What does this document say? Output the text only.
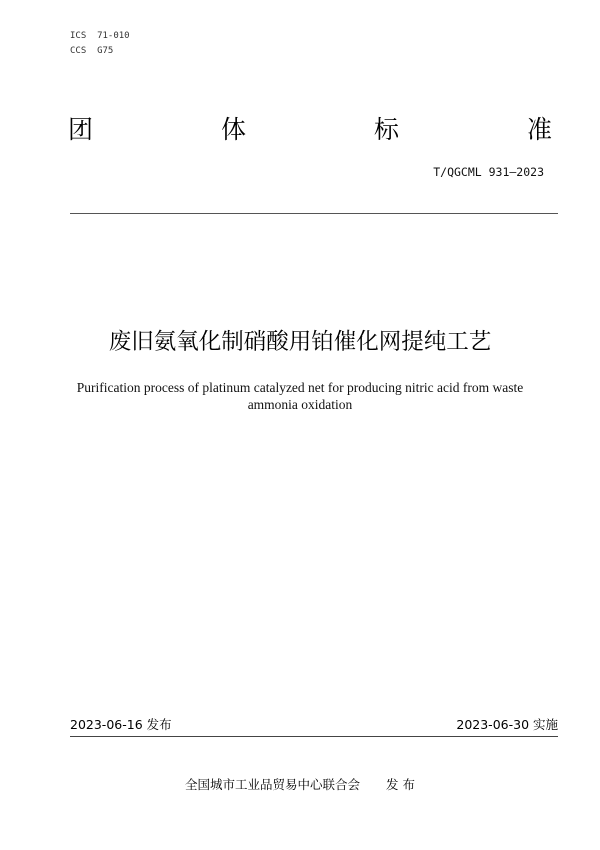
ICS  71-010
CCS  G75
团	体	标	准
T/QGCML 931—2023
废旧氨氧化制硝酸用铂催化网提纯工艺
Purification process of platinum catalyzed net for producing nitric acid from waste
ammonia oxidation
2023-06-16 发布	2023-06-30 实施
全国城市工业品贸易中心联合会 发 布
